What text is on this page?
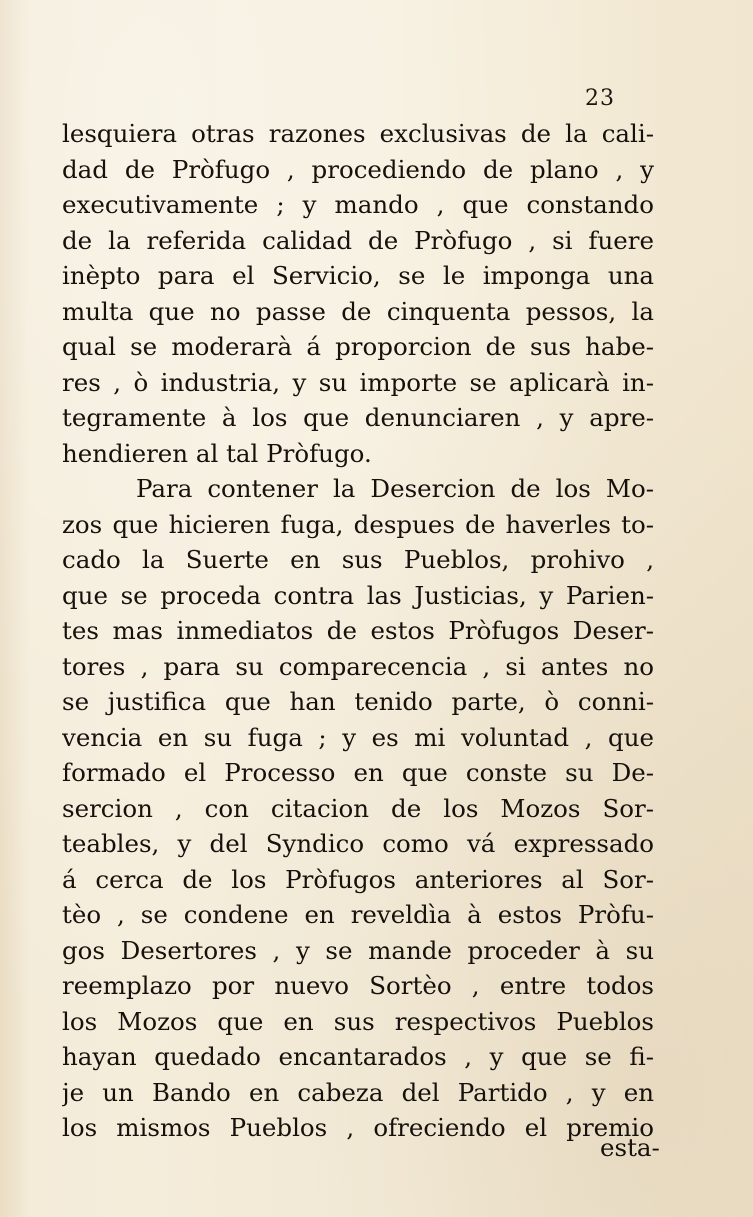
23
lesquiera otras razones exclusivas de la cali-
dad de Pròfugo , procediendo de plano , y
executivamente ; y mando , que constando
de la referida calidad de Pròfugo , si fuere
inèpto para el Servicio, se le imponga una
multa que no passe de cinquenta pessos, la
qual se moderarà á proporcion de sus habe-
res , ò industria, y su importe se aplicarà in-
tegramente à los que denunciaren , y apre-
hendieren al tal Pròfugo.
Para contener la Desercion de los Mo-
zos que hicieren fuga, despues de haverles to-
cado la Suerte en sus Pueblos, prohivo ,
que se proceda contra las Justicias, y Parien-
tes mas inmediatos de estos Pròfugos Deser-
tores , para su comparecencia , si antes no
se justifica que han tenido parte, ò conni-
vencia en su fuga ; y es mi voluntad , que
formado el Processo en que conste su De-
sercion , con citacion de los Mozos Sor-
teables, y del Syndico como vá expressado
á cerca de los Pròfugos anteriores al Sor-
tèo , se condene en reveldìa à estos Pròfu-
gos Desertores , y se mande proceder à su
reemplazo por nuevo Sortèo , entre todos
los Mozos que en sus respectivos Pueblos
hayan quedado encantarados , y que se fi-
je un Bando en cabeza del Partido , y en
los mismos Pueblos , ofreciendo el premio
esta-
